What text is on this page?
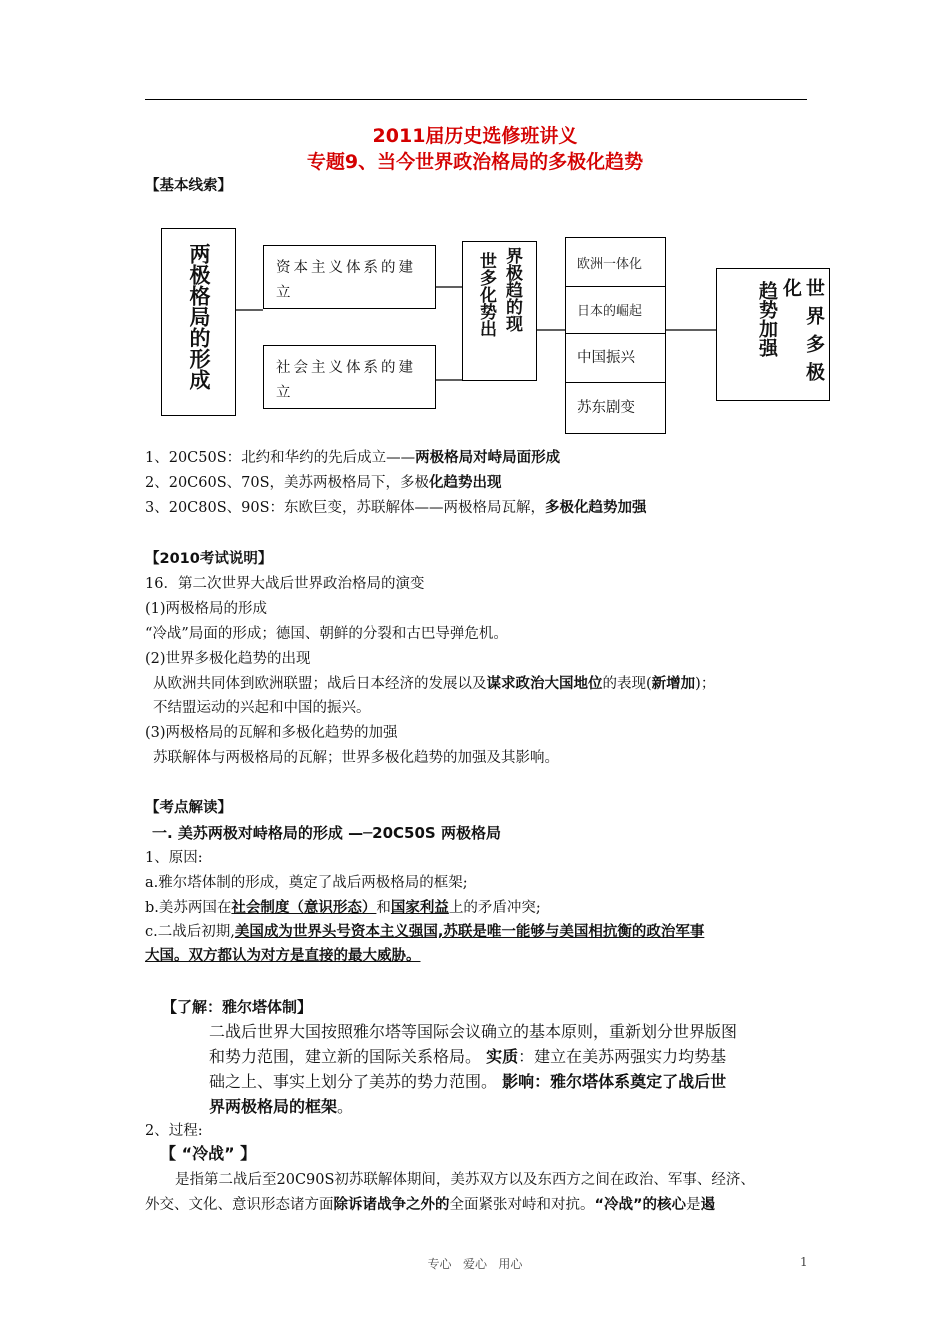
2011届历史选修班讲义
专题9、当今世界政治格局的多极化趋势
【基本线索】
两极格局的形成	资本主义体系的建立
社会主义体系的建立
世多化势出 界极趋的现	欧洲一体化
日本的崛起
中国振兴
苏东剧变
趋势加强 化 世界多极
1、20C50S：北约和华约的先后成立——两极格局对峙局面形成
2、20C60S、70S，美苏两极格局下，多极化趋势出现
3、20C80S、90S：东欧巨变，苏联解体——两极格局瓦解，多极化趋势加强
【2010考试说明】
16．第二次世界大战后世界政治格局的演变
(1)两极格局的形成
“冷战”局面的形成；德国、朝鲜的分裂和古巴导弹危机。
(2)世界多极化趋势的出现
从欧洲共同体到欧洲联盟；战后日本经济的发展以及谋求政治大国地位的表现(新增加)；
不结盟运动的兴起和中国的振兴。
(3)两极格局的瓦解和多极化趋势的加强
苏联解体与两极格局的瓦解；世界多极化趋势的加强及其影响。
【考点解读】
一. 美苏两极对峙格局的形成 —─20C50S 两极格局
1、原因:
a.雅尔塔体制的形成，奠定了战后两极格局的框架;
b.美苏两国在社会制度（意识形态）和国家利益上的矛盾冲突;
c.二战后初期,美国成为世界头号资本主义强国,苏联是唯一能够与美国相抗衡的政治军事
大国。双方都认为对方是直接的最大威胁。
【了解：雅尔塔体制】
二战后世界大国按照雅尔塔等国际会议确立的基本原则，重新划分世界版图
和势力范围，建立新的国际关系格局。 实质：建立在美苏两强实力均势基
础之上、事实上划分了美苏的势力范围。 影响：雅尔塔体系奠定了战后世
界两极格局的框架。
2、过程:
【 “冷战” 】
是指第二战后至20C90S初苏联解体期间，美苏双方以及东西方之间在政治、军事、经济、
外交、文化、意识形态诸方面除诉诸战争之外的全面紧张对峙和对抗。“冷战”的核心是遏
专心   爱心   用心	1
